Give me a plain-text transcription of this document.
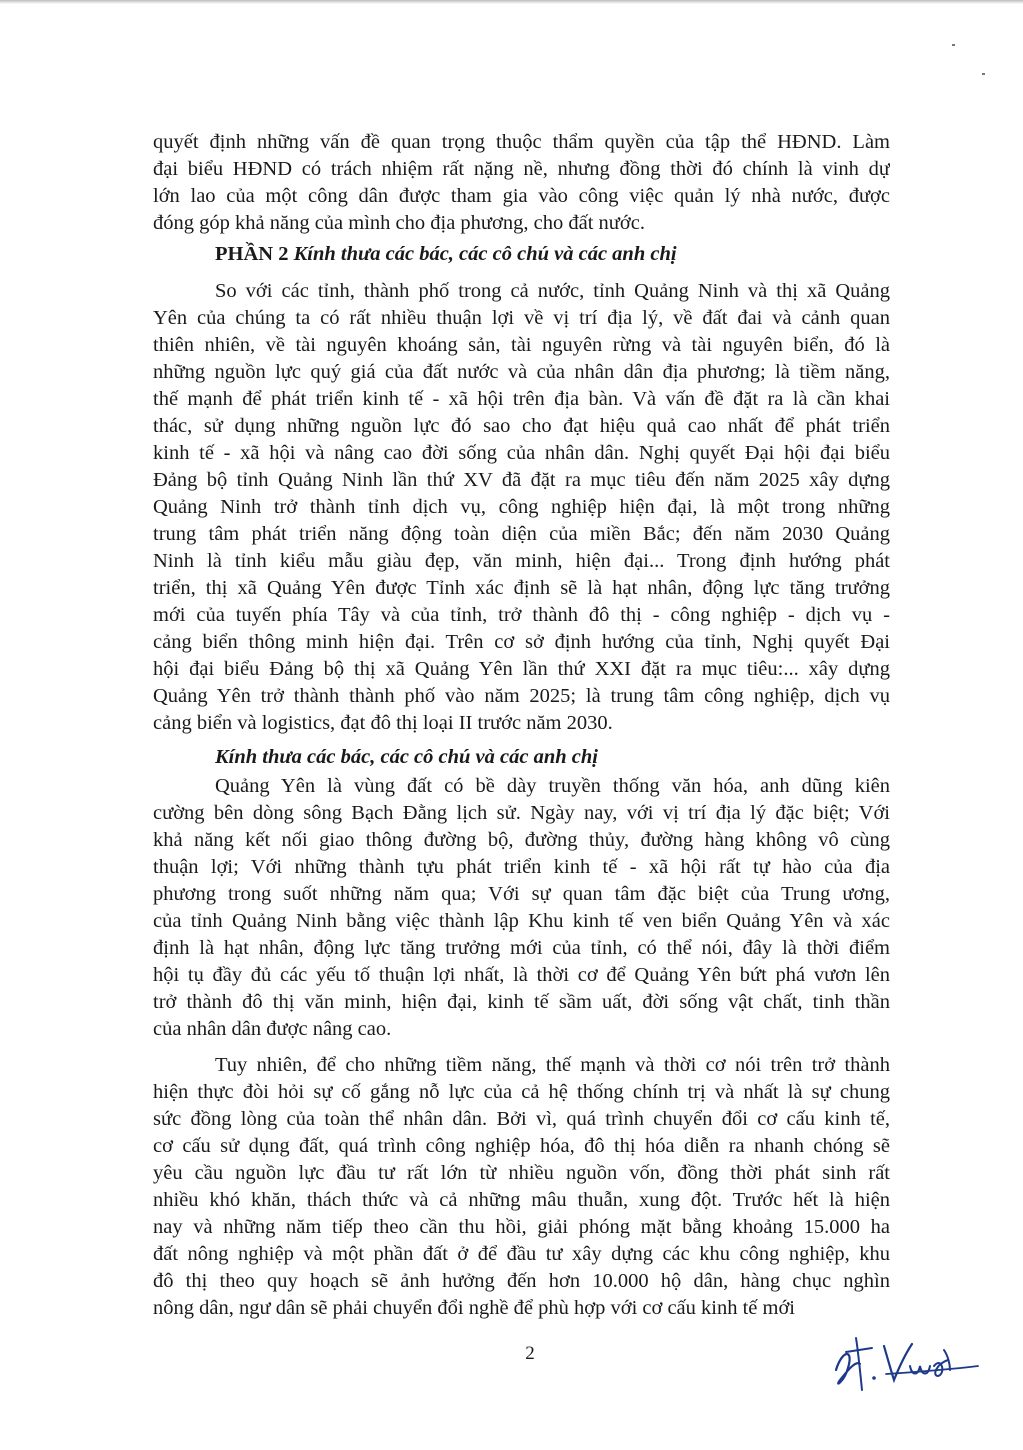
quyết định những vấn đề quan trọng thuộc thẩm quyền của tập thể HĐND. Làm

đại biểu HĐND có trách nhiệm rất nặng nề, nhưng đồng thời đó chính là vinh dự

lớn lao của một công dân được tham gia vào công việc quản lý nhà nước, được

đóng góp khả năng của mình cho địa phương, cho đất nước.

PHẦN 2 Kính thưa các bác, các cô chú và các anh chị

So với các tỉnh, thành phố trong cả nước, tỉnh Quảng Ninh và thị xã Quảng

Yên của chúng ta có rất nhiều thuận lợi về vị trí địa lý, về đất đai và cảnh quan

thiên nhiên, về tài nguyên khoáng sản, tài nguyên rừng và tài nguyên biển, đó là

những nguồn lực quý giá của đất nước và của nhân dân địa phương; là tiềm năng,

thế mạnh để phát triển kinh tế - xã hội trên địa bàn. Và vấn đề đặt ra là cần khai

thác, sử dụng những nguồn lực đó sao cho đạt hiệu quả cao nhất để phát triển

kinh tế - xã hội và nâng cao đời sống của nhân dân. Nghị quyết Đại hội đại biểu

Đảng bộ tỉnh Quảng Ninh lần thứ XV đã đặt ra mục tiêu đến năm 2025 xây dựng

Quảng Ninh trở thành tỉnh dịch vụ, công nghiệp hiện đại, là một trong những

trung tâm phát triển năng động toàn diện của miền Bắc; đến năm 2030 Quảng

Ninh là tỉnh kiểu mẫu giàu đẹp, văn minh, hiện đại... Trong định hướng phát

triển, thị xã Quảng Yên được Tỉnh xác định sẽ là hạt nhân, động lực tăng trưởng

mới của tuyến phía Tây và của tỉnh, trở thành đô thị - công nghiệp - dịch vụ -

cảng biển thông minh hiện đại. Trên cơ sở định hướng của tỉnh, Nghị quyết Đại

hội đại biểu Đảng bộ thị xã Quảng Yên lần thứ XXI đặt ra mục tiêu:... xây dựng

Quảng Yên trở thành thành phố vào năm 2025; là trung tâm công nghiệp, dịch vụ

cảng biển và logistics, đạt đô thị loại II trước năm 2030.

Kính thưa các bác, các cô chú và các anh chị

Quảng Yên là vùng đất có bề dày truyền thống văn hóa, anh dũng kiên

cường bên dòng sông Bạch Đằng lịch sử. Ngày nay, với vị trí địa lý đặc biệt; Với

khả năng kết nối giao thông đường bộ, đường thủy, đường hàng không vô cùng

thuận lợi; Với những thành tựu phát triển kinh tế - xã hội rất tự hào của địa

phương trong suốt những năm qua; Với sự quan tâm đặc biệt của Trung ương,

của tỉnh Quảng Ninh bằng việc thành lập Khu kinh tế ven biển Quảng Yên và xác

định là hạt nhân, động lực tăng trưởng mới của tỉnh, có thể nói, đây là thời điểm

hội tụ đầy đủ các yếu tố thuận lợi nhất, là thời cơ để Quảng Yên bứt phá vươn lên

trở thành đô thị văn minh, hiện đại, kinh tế sầm uất, đời sống vật chất, tinh thần

của nhân dân được nâng cao.

Tuy nhiên, để cho những tiềm năng, thế mạnh và thời cơ nói trên trở thành

hiện thực đòi hỏi sự cố gắng nỗ lực của cả hệ thống chính trị và nhất là sự chung

sức đồng lòng của toàn thể nhân dân. Bởi vì, quá trình chuyển đổi cơ cấu kinh tế,

cơ cấu sử dụng đất, quá trình công nghiệp hóa, đô thị hóa diễn ra nhanh chóng sẽ

yêu cầu nguồn lực đầu tư rất lớn từ nhiều nguồn vốn, đồng thời phát sinh rất

nhiều khó khăn, thách thức và cả những mâu thuẫn, xung đột. Trước hết là hiện

nay và những năm tiếp theo cần thu hồi, giải phóng mặt bằng khoảng 15.000 ha

đất nông nghiệp và một phần đất ở để đầu tư xây dựng các khu công nghiệp, khu

đô thị theo quy hoạch sẽ ảnh hưởng đến hơn 10.000 hộ dân, hàng chục nghìn

nông dân, ngư dân sẽ phải chuyển đổi nghề để phù hợp với cơ cấu kinh tế mới

2
